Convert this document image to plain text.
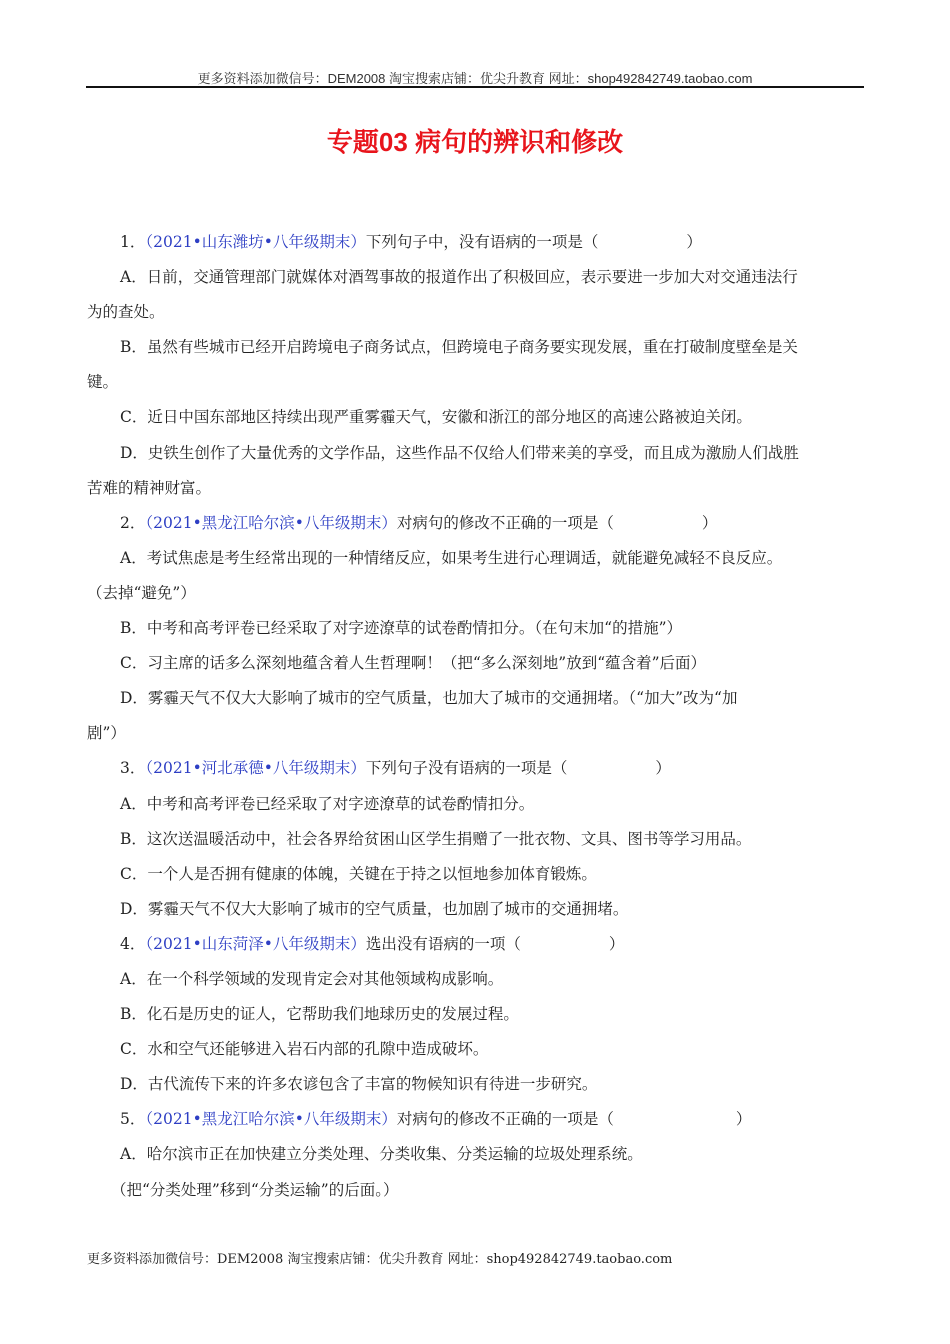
更多资料添加微信号：DEM2008 淘宝搜索店铺：优尖升教育 网址：shop492842749.taobao.com
专题03 病句的辨识和修改
1．（2021•山东潍坊•八年级期末）下列句子中，没有语病的一项是（	）
A．日前，交通管理部门就媒体对酒驾事故的报道作出了积极回应，表示要进一步加大对交通违法行
为的查处。
B．虽然有些城市已经开启跨境电子商务试点，但跨境电子商务要实现发展，重在打破制度壁垒是关
键。
C．近日中国东部地区持续出现严重雾霾天气，安徽和浙江的部分地区的高速公路被迫关闭。
D．史铁生创作了大量优秀的文学作品，这些作品不仅给人们带来美的享受，而且成为激励人们战胜
苦难的精神财富。
2．（2021•黑龙江哈尔滨•八年级期末）对病句的修改不正确的一项是（	）
A．考试焦虑是考生经常出现的一种情绪反应，如果考生进行心理调适，就能避免减轻不良反应。
（去掉“避免”）
B．中考和高考评卷已经采取了对字迹潦草的试卷酌情扣分。（在句末加“的措施”）
C．习主席的话多么深刻地蕴含着人生哲理啊！（把“多么深刻地”放到“蕴含着”后面）
D．雾霾天气不仅大大影响了城市的空气质量，也加大了城市的交通拥堵。（“加大”改为“加
剧”）
3．（2021•河北承德•八年级期末）下列句子没有语病的一项是（	）
A．中考和高考评卷已经采取了对字迹潦草的试卷酌情扣分。
B．这次送温暖活动中，社会各界给贫困山区学生捐赠了一批衣物、文具、图书等学习用品。
C．一个人是否拥有健康的体魄，关键在于持之以恒地参加体育锻炼。
D．雾霾天气不仅大大影响了城市的空气质量，也加剧了城市的交通拥堵。
4．（2021•山东菏泽•八年级期末）选出没有语病的一项（	）
A．在一个科学领域的发现肯定会对其他领域构成影响。
B．化石是历史的证人，它帮助我们地球历史的发展过程。
C．水和空气还能够进入岩石内部的孔隙中造成破坏。
D．古代流传下来的许多农谚包含了丰富的物候知识有待进一步研究。
5．（2021•黑龙江哈尔滨•八年级期末）对病句的修改不正确的一项是（	）
A．哈尔滨市正在加快建立分类处理、分类收集、分类运输的垃圾处理系统。
（把“分类处理”移到“分类运输”的后面。）
更多资料添加微信号：DEM2008 淘宝搜索店铺：优尖升教育 网址：shop492842749.taobao.com
